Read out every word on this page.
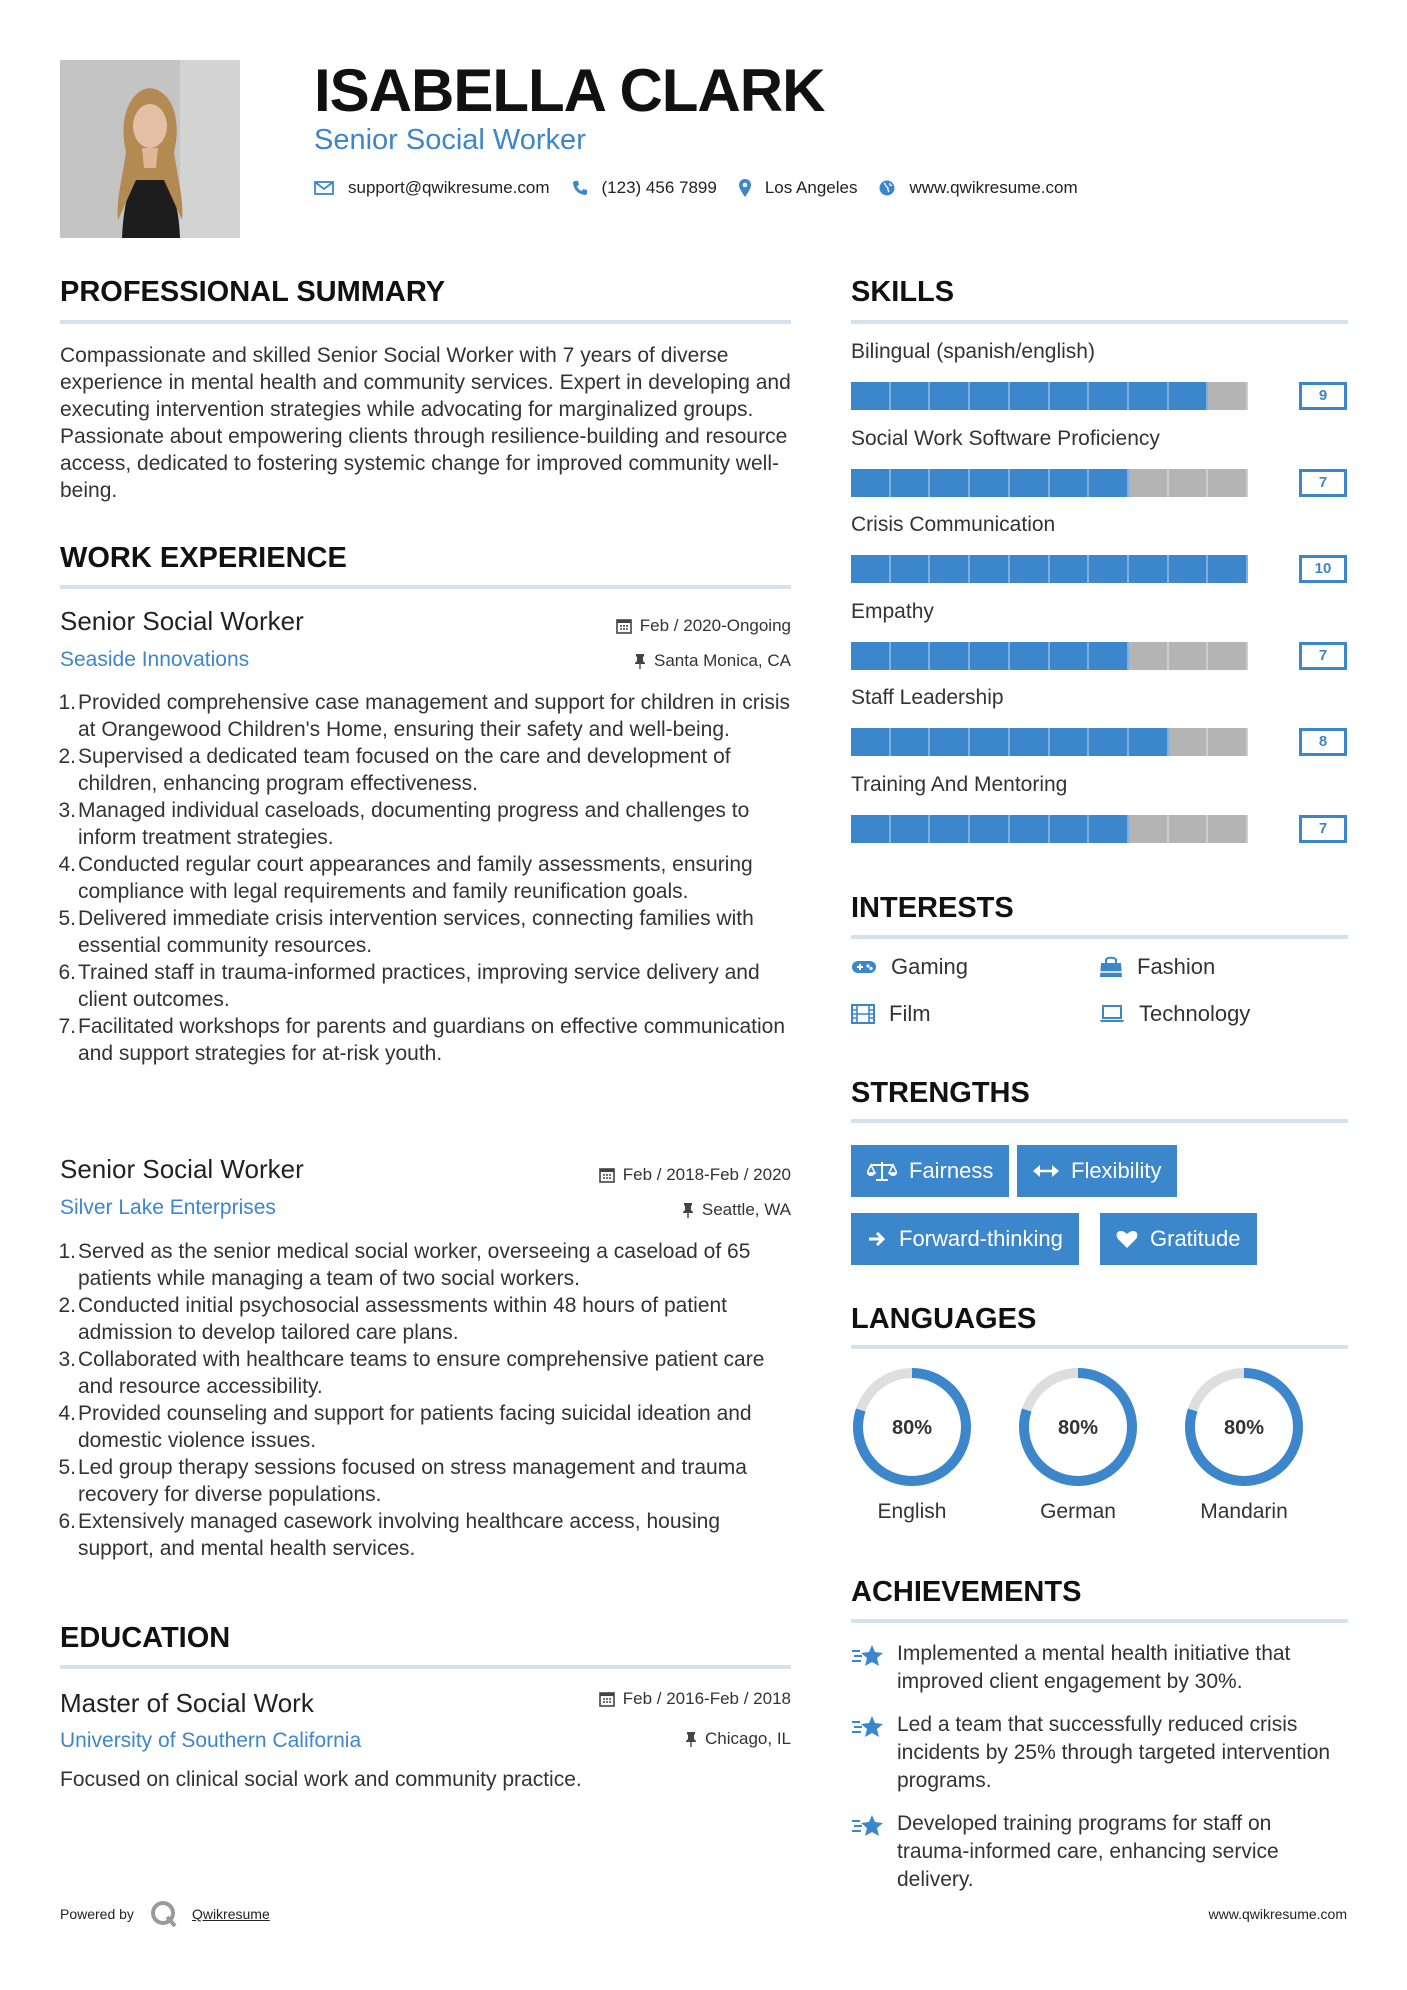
ISABELLA CLARK
Senior Social Worker
support@qwikresume.com	(123) 456 7899	Los Angeles	www.qwikresume.com
PROFESSIONAL SUMMARY
Compassionate and skilled Senior Social Worker with 7 years of diverse experience in mental health and community services. Expert in developing and executing intervention strategies while advocating for marginalized groups. Passionate about empowering clients through resilience-building and resource access, dedicated to fostering systemic change for improved community well-being.
WORK EXPERIENCE
Senior Social Worker	Feb / 2020-Ongoing
Seaside Innovations	Santa Monica, CA
Provided comprehensive case management and support for children in crisis at Orangewood Children's Home, ensuring their safety and well-being.
Supervised a dedicated team focused on the care and development of children, enhancing program effectiveness.
Managed individual caseloads, documenting progress and challenges to inform treatment strategies.
Conducted regular court appearances and family assessments, ensuring compliance with legal requirements and family reunification goals.
Delivered immediate crisis intervention services, connecting families with essential community resources.
Trained staff in trauma-informed practices, improving service delivery and client outcomes.
Facilitated workshops for parents and guardians on effective communication and support strategies for at-risk youth.
Senior Social Worker	Feb / 2018-Feb / 2020
Silver Lake Enterprises	Seattle, WA
Served as the senior medical social worker, overseeing a caseload of 65 patients while managing a team of two social workers.
Conducted initial psychosocial assessments within 48 hours of patient admission to develop tailored care plans.
Collaborated with healthcare teams to ensure comprehensive patient care and resource accessibility.
Provided counseling and support for patients facing suicidal ideation and domestic violence issues.
Led group therapy sessions focused on stress management and trauma recovery for diverse populations.
Extensively managed casework involving healthcare access, housing support, and mental health services.
EDUCATION
Master of Social Work	Feb / 2016-Feb / 2018
University of Southern California	Chicago, IL
Focused on clinical social work and community practice.
SKILLS
Bilingual (spanish/english)
9
Social Work Software Proficiency
7
Crisis Communication
10
Empathy
7
Staff Leadership
8
Training And Mentoring
7
INTERESTS
Gaming	Fashion
Film	Technology
STRENGTHS
Fairness	Flexibility
Forward-thinking	Gratitude
LANGUAGES
80%
English
80%
German
80%
Mandarin
ACHIEVEMENTS
Implemented a mental health initiative that improved client engagement by 30%.
Led a team that successfully reduced crisis incidents by 25% through targeted intervention programs.
Developed training programs for staff on trauma-informed care, enhancing service delivery.
Powered by	Qwikresume	www.qwikresume.com
